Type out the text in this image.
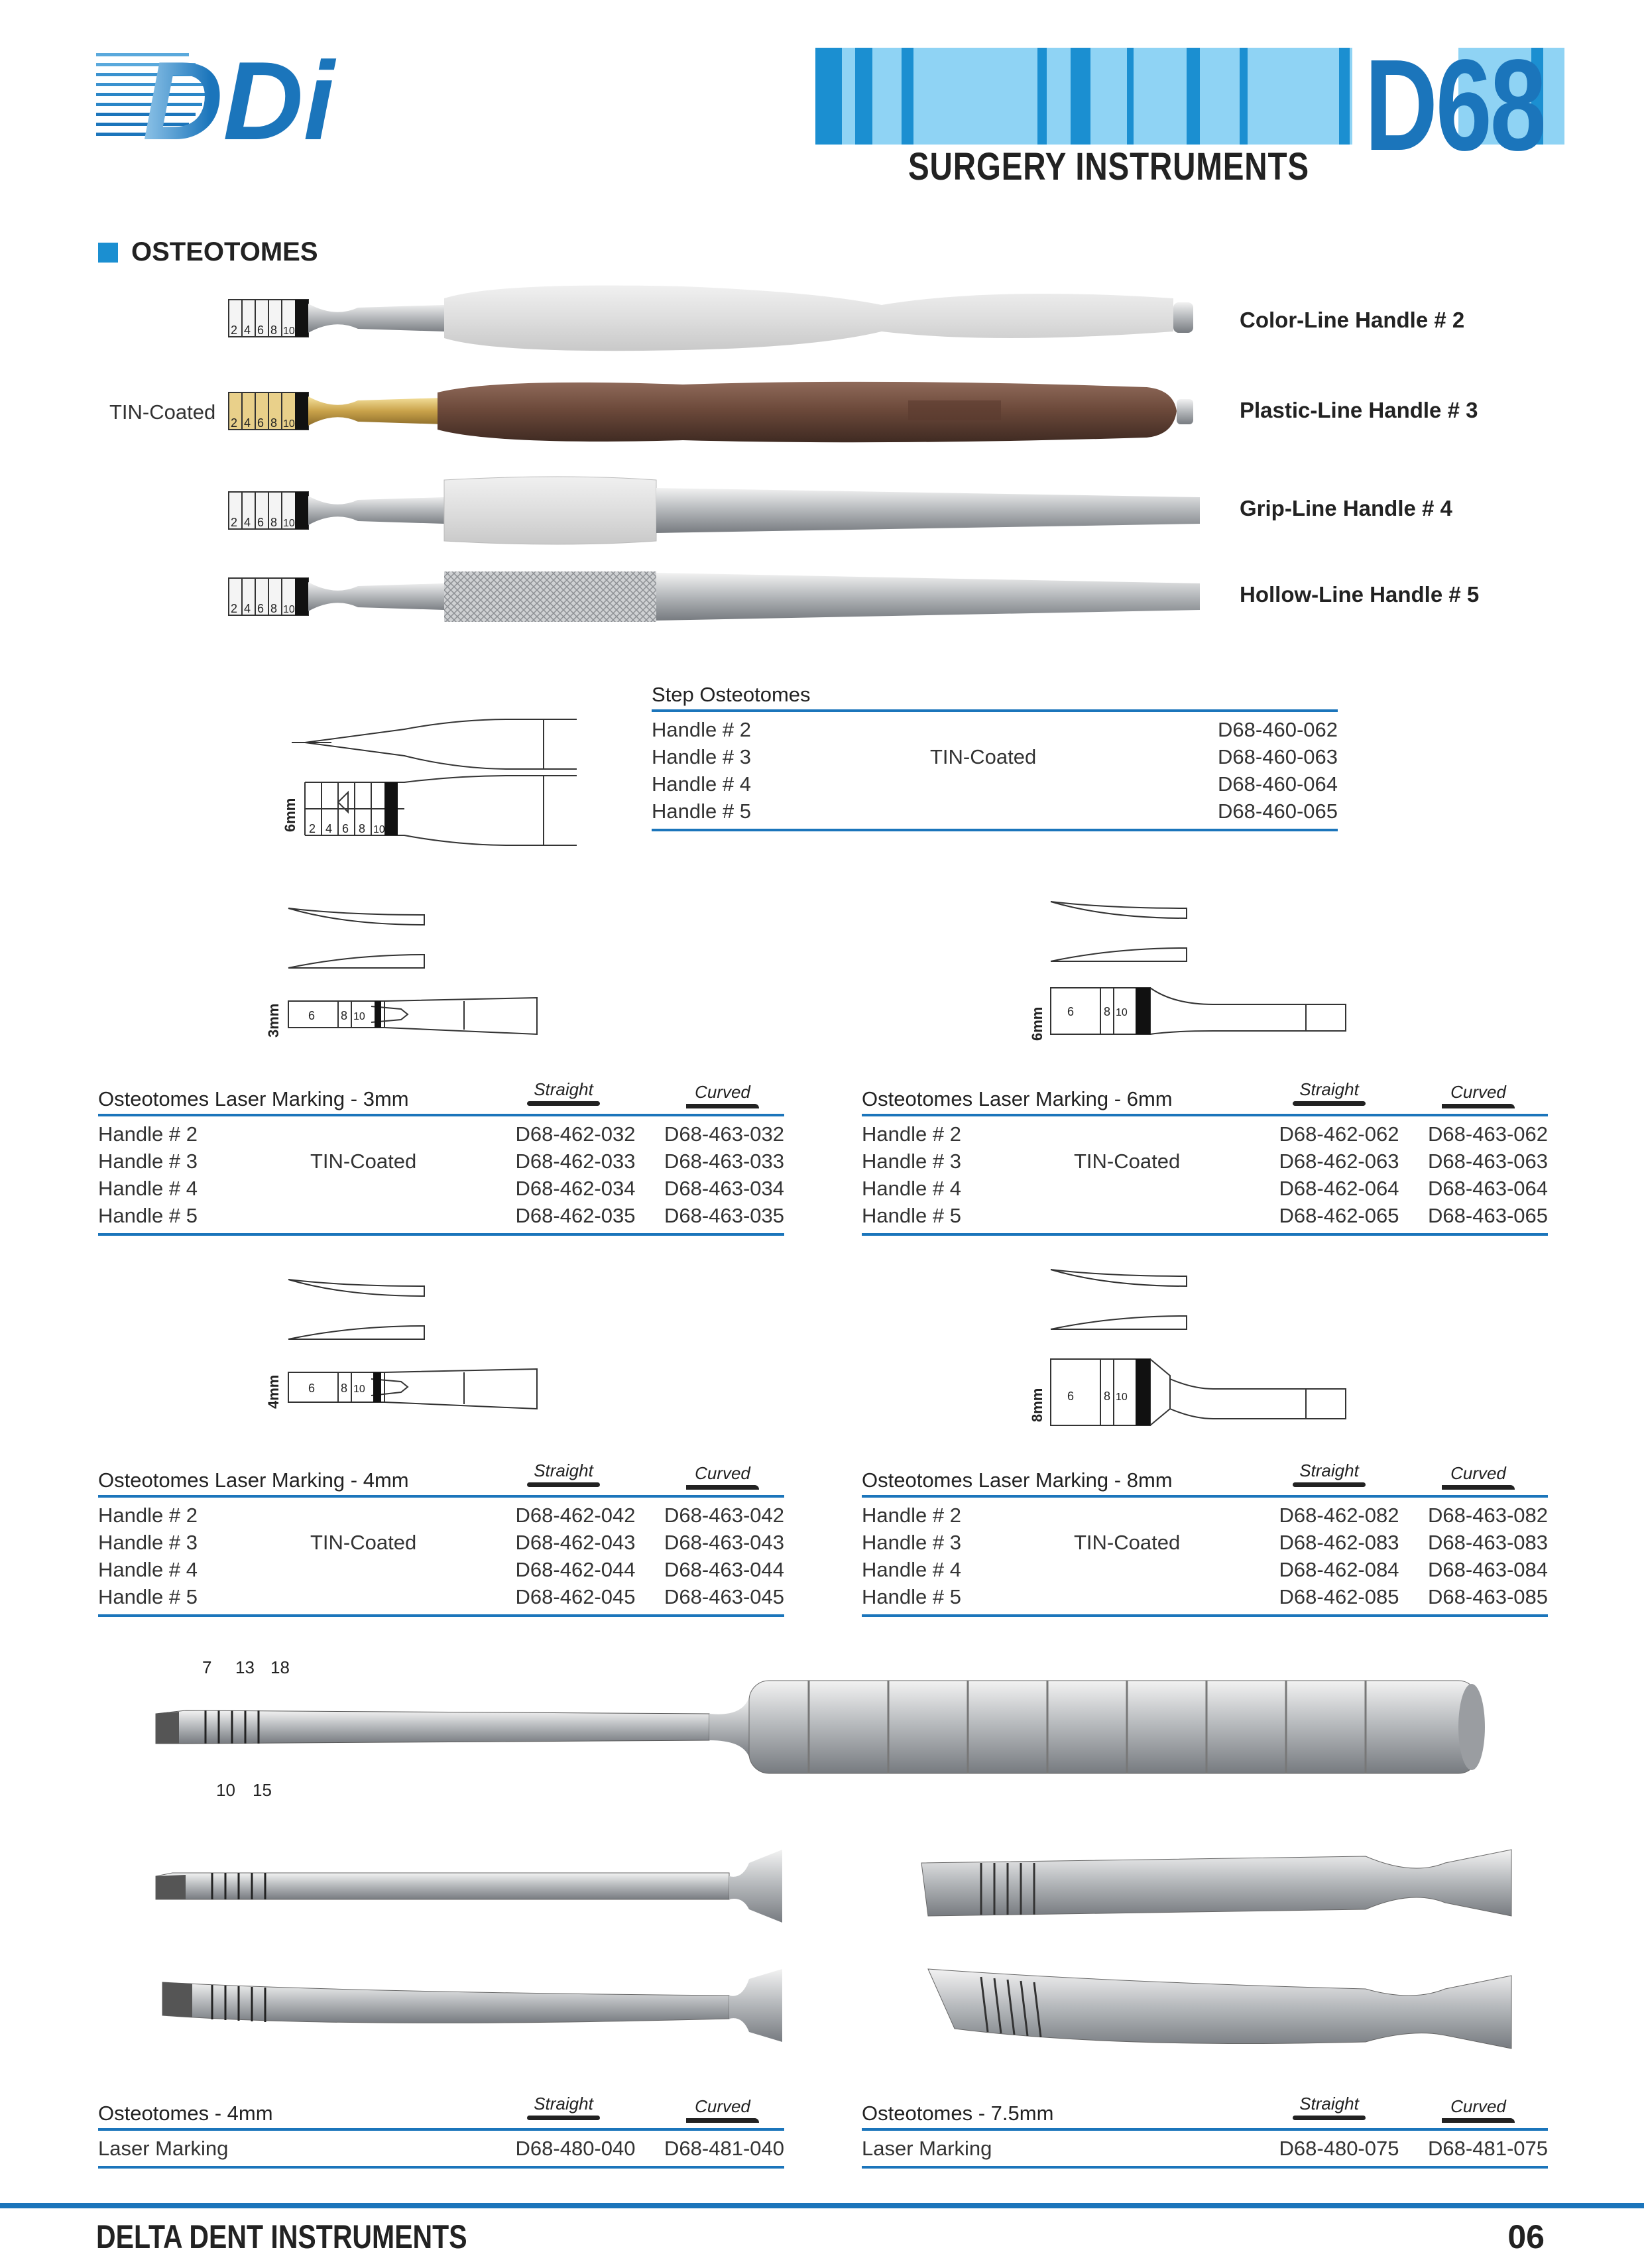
DDi	D68
SURGERY INSTRUMENTS
OSTEOTOMES
2 4 6 8 10
2 4 6 8 10
2 4 6 8 10
2 4 6 8 10
TIN-Coated
Color-Line Handle # 2
Plastic-Line Handle # 3
Grip-Line Handle # 4
Hollow-Line Handle # 5
2 4 6 8 10
6mm
Step Osteotomes
Handle # 2		D68-460-062
Handle # 3	TIN-Coated	D68-460-063
Handle # 4		D68-460-064
Handle # 5		D68-460-065
6 8 10
3mm	6 8 10
6mm
Osteotomes Laser Marking - 3mm	Straight	Curved
Handle # 2		D68-462-032	D68-463-032
Handle # 3	TIN-Coated	D68-462-033	D68-463-033
Handle # 4		D68-462-034	D68-463-034
Handle # 5		D68-462-035	D68-463-035
Osteotomes Laser Marking - 6mm	Straight	Curved
Handle # 2		D68-462-062	D68-463-062
Handle # 3	TIN-Coated	D68-462-063	D68-463-063
Handle # 4		D68-462-064	D68-463-064
Handle # 5		D68-462-065	D68-463-065
6 8 10
4mm	6 8 10
8mm
Osteotomes Laser Marking - 4mm	Straight	Curved
Handle # 2		D68-462-042	D68-463-042
Handle # 3	TIN-Coated	D68-462-043	D68-463-043
Handle # 4		D68-462-044	D68-463-044
Handle # 5		D68-462-045	D68-463-045
Osteotomes Laser Marking - 8mm	Straight	Curved
Handle # 2		D68-462-082	D68-463-082
Handle # 3	TIN-Coated	D68-462-083	D68-463-083
Handle # 4		D68-462-084	D68-463-084
Handle # 5		D68-462-085	D68-463-085
7 13 18
10 15
Osteotomes - 4mm	Straight	Curved
Laser Marking	D68-480-040	D68-481-040
Osteotomes - 7.5mm	Straight	Curved
Laser Marking	D68-480-075	D68-481-075
DELTA DENT INSTRUMENTS	06
